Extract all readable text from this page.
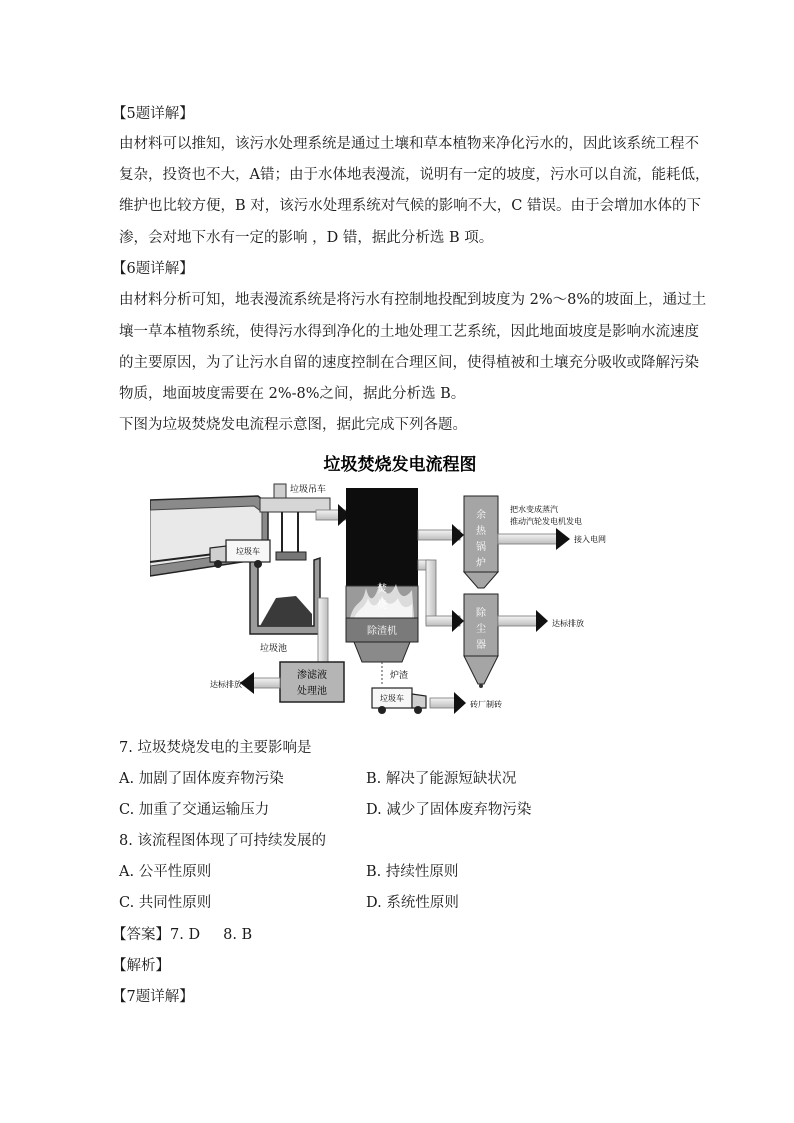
【5题详解】
由材料可以推知，该污水处理系统是通过土壤和草本植物来净化污水的，因此该系统工程不
复杂，投资也不大，A错；由于水体地表漫流，说明有一定的坡度，污水可以自流，能耗低，
维护也比较方便，B 对，该污水处理系统对气候的影响不大，C 错误。由于会增加水体的下
渗，会对地下水有一定的影响 ，D 错，据此分析选 B 项。
【6题详解】
由材料分析可知，地表漫流系统是将污水有控制地投配到坡度为 2%～8%的坡面上，通过土
壤一草本植物系统，使得污水得到净化的土地处理工艺系统，因此地面坡度是影响水流速度
的主要原因，为了让污水自留的速度控制在合理区间，使得植被和土壤充分吸收或降解污染
物质，地面坡度需要在 2%-8%之间，据此分析选 B。
下图为垃圾焚烧发电流程示意图，据此完成下列各题。
垃圾焚烧发电流程图
垃圾吊车
垃圾池
垃圾车
焚烧
除渣机
余热锅炉
除尘器
把水变成蒸汽
推动汽轮发电机发电
接入电网
达标排放
渗滤液
处理池
达标排放
炉渣
垃圾车
砖厂制砖
7. 垃圾焚烧发电的主要影响是
A. 加剧了固体废弃物污染	B. 解决了能源短缺状况
C. 加重了交通运输压力	D. 减少了固体废弃物污染
8. 该流程图体现了可持续发展的
A. 公平性原则	B. 持续性原则
C. 共同性原则	D. 系统性原则
【答案】7. D     8. B
【解析】
【7题详解】
